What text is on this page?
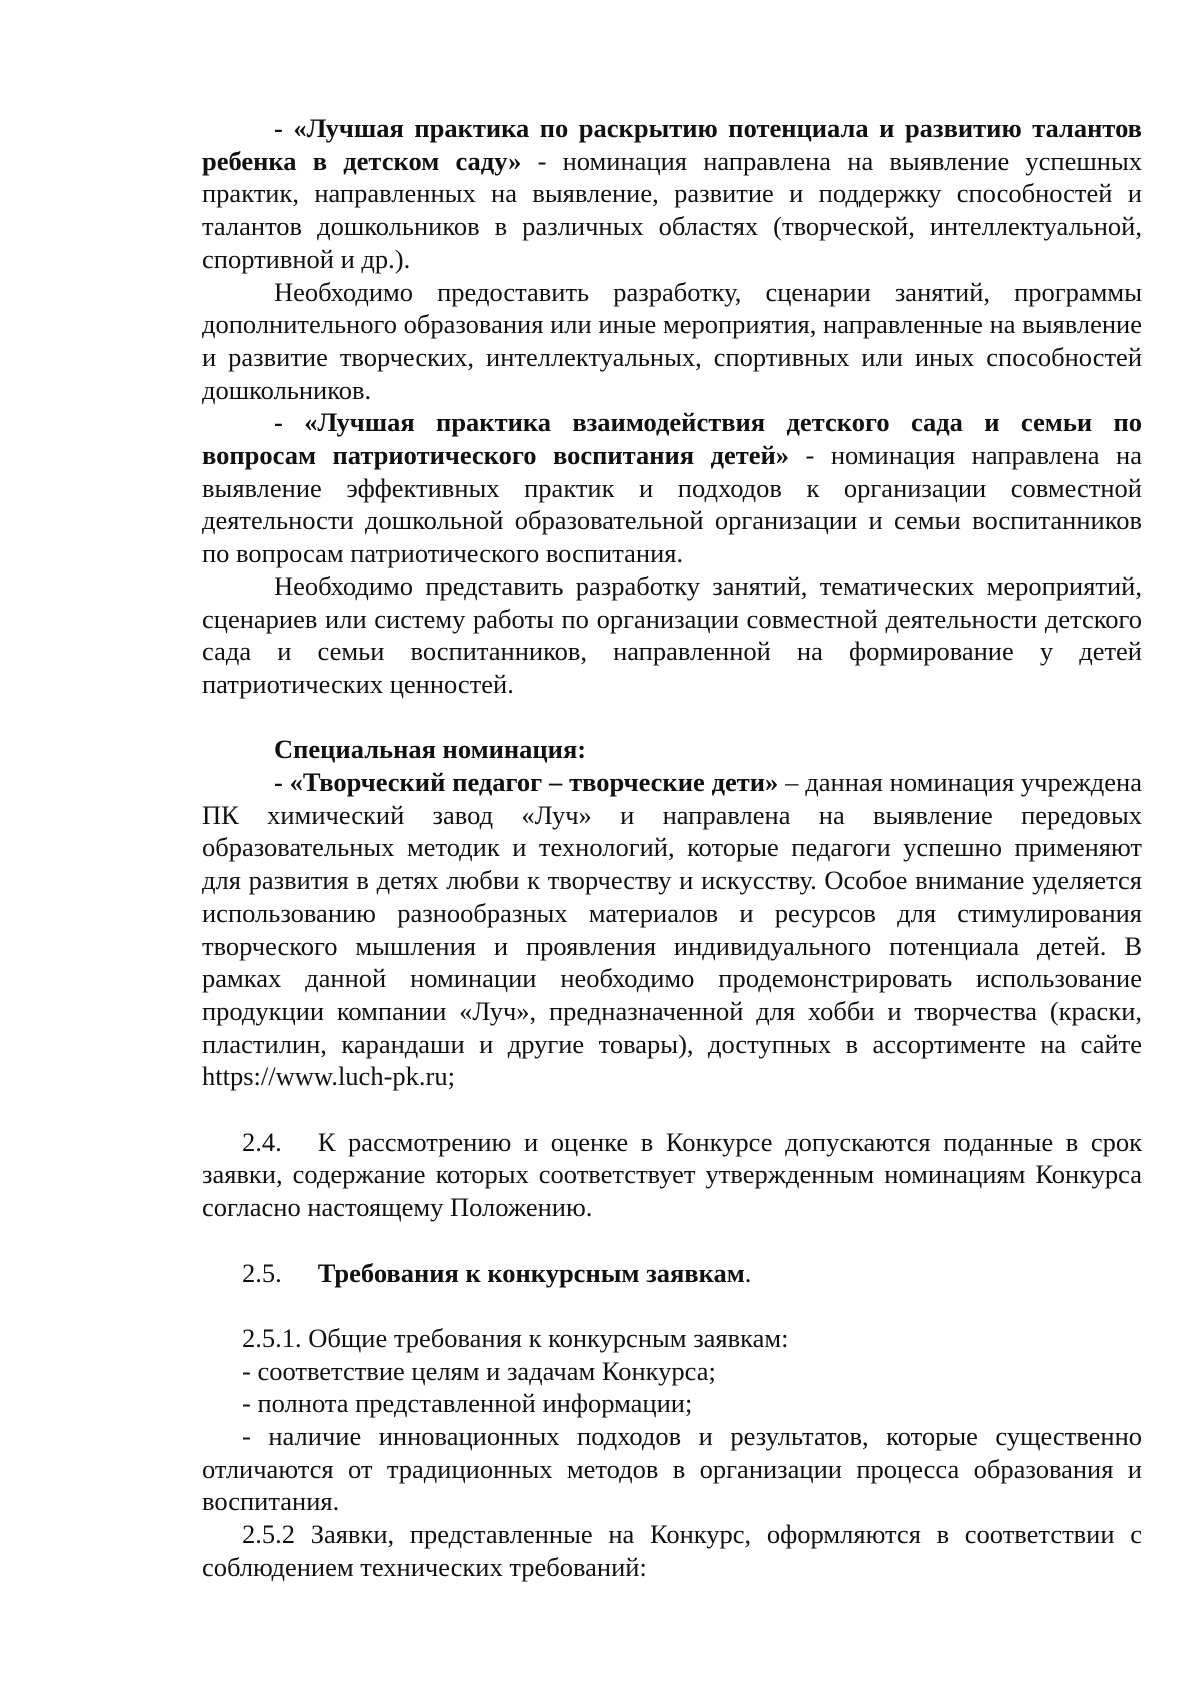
- «Лучшая практика по раскрытию потенциала и развитию талантов ребенка в детском саду» - номинация направлена на выявление успешных практик, направленных на выявление, развитие и поддержку способностей и талантов дошкольников в различных областях (творческой, интеллектуальной, спортивной и др.).

Необходимо предоставить разработку, сценарии занятий, программы дополнительного образования или иные мероприятия, направленные на выявление и развитие творческих, интеллектуальных, спортивных или иных способностей дошкольников.

- «Лучшая практика взаимодействия детского сада и семьи по вопросам патриотического воспитания детей» - номинация направлена на выявление эффективных практик и подходов к организации совместной деятельности дошкольной образовательной организации и семьи воспитанников по вопросам патриотического воспитания.

Необходимо представить разработку занятий, тематических мероприятий, сценариев или систему работы по организации совместной деятельности детского сада и семьи воспитанников, направленной на формирование у детей патриотических ценностей.

Специальная номинация:

- «Творческий педагог – творческие дети» – данная номинация учреждена ПК химический завод «Луч» и направлена на выявление передовых образовательных методик и технологий, которые педагоги успешно применяют для развития в детях любви к творчеству и искусству. Особое внимание уделяется использованию разнообразных материалов и ресурсов для стимулирования творческого мышления и проявления индивидуального потенциала детей. В рамках данной номинации необходимо продемонстрировать использование продукции компании «Луч», предназначенной для хобби и творчества (краски, пластилин, карандаши и другие товары), доступных в ассортименте на сайте https://www.luch-pk.ru;

2.4. К рассмотрению и оценке в Конкурсе допускаются поданные в срок заявки, содержание которых соответствует утвержденным номинациям Конкурса согласно настоящему Положению.

2.5. Требования к конкурсным заявкам.

2.5.1. Общие требования к конкурсным заявкам:

- соответствие целям и задачам Конкурса;

- полнота представленной информации;

- наличие инновационных подходов и результатов, которые существенно отличаются от традиционных методов в организации процесса образования и воспитания.

2.5.2 Заявки, представленные на Конкурс, оформляются в соответствии с соблюдением технических требований:
